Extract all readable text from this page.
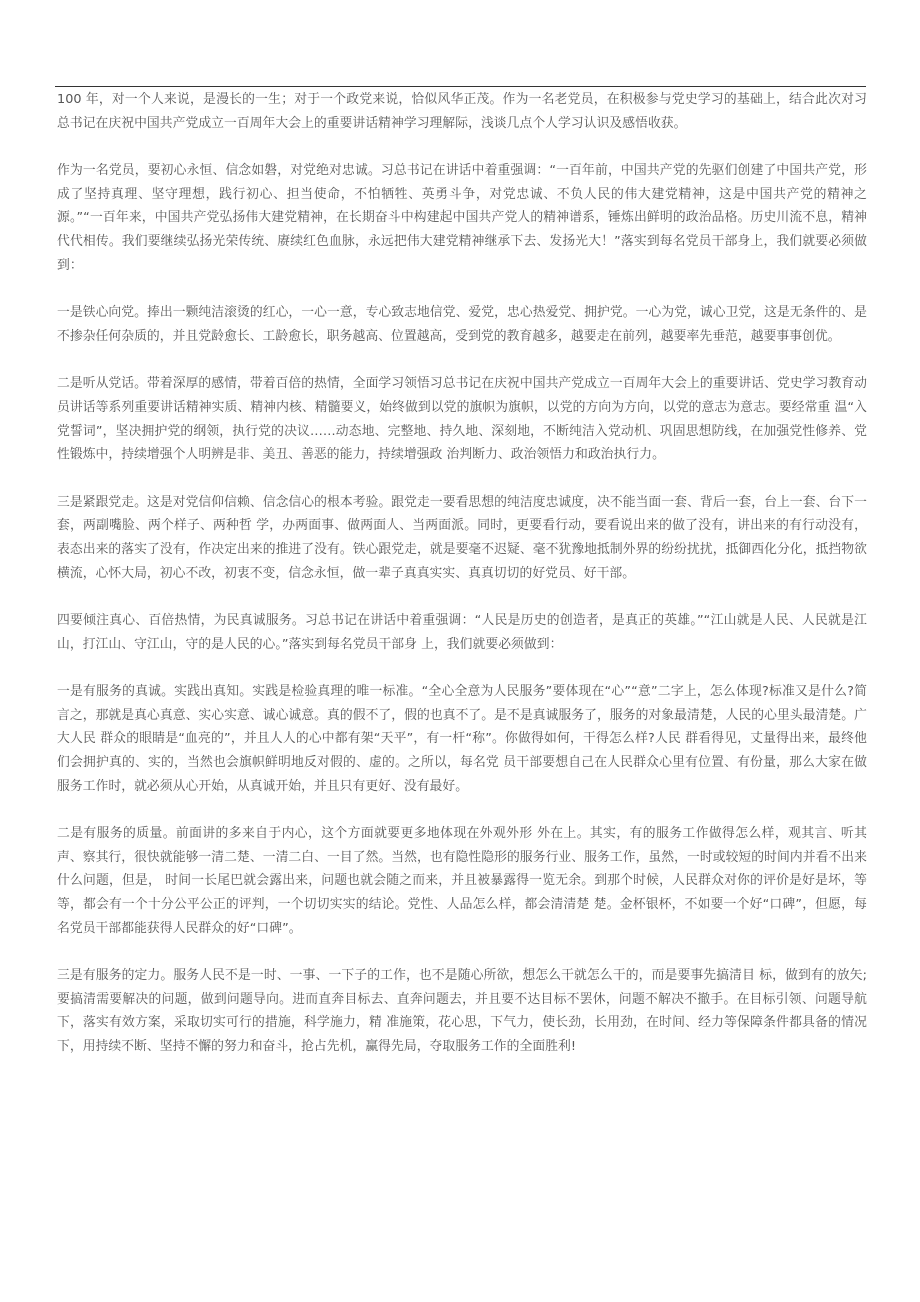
100 年，对一个人来说，是漫长的一生；对于一个政党来说，恰似风华正茂。作为一名老党员，在积极参与党史学习的基础上，结合此次对习总书记在庆祝中国共产党成立一百周年大会上的重要讲话精神学习理解际，浅谈几点个人学习认识及感悟收获。

作为一名党员，要初心永恒、信念如磐，对党绝对忠诚。习总书记在讲话中着重强调：“一百年前，中国共产党的先驱们创建了中国共产党，形成了坚持真理、坚守理想，践行初心、担当使命，不怕牺牲、英勇斗争，对党忠诚、不负人民的伟大建党精神，这是中国共产党的精神之源。”“一百年来，中国共产党弘扬伟大建党精神，在长期奋斗中构建起中国共产党人的精神谱系，锤炼出鲜明的政治品格。历史川流不息，精神代代相传。我们要继续弘扬光荣传统、赓续红色血脉，永远把伟大建党精神继承下去、发扬光大！”落实到每名党员干部身上，我们就要必须做到：

一是铁心向党。捧出一颗纯洁滚烫的红心，一心一意，专心致志地信党、爱党，忠心热爱党、拥护党。一心为党，诚心卫党，这是无条件的、是不掺杂任何杂质的，并且党龄愈长、工龄愈长，职务越高、位置越高，受到党的教育越多，越要走在前列，越要率先垂范，越要事事创优。

二是听从党话。带着深厚的感情，带着百倍的热情，全面学习领悟习总书记在庆祝中国共产党成立一百周年大会上的重要讲话、党史学习教育动员讲话等系列重要讲话精神实质、精神内核、精髓要义，始终做到以党的旗帜为旗帜，以党的方向为方向，以党的意志为意志。要经常重 温“入党誓词”，坚决拥护党的纲领，执行党的决议……动态地、完整地、持久地、深刻地，不断纯洁入党动机、巩固思想防线，在加强党性修养、党性锻炼中，持续增强个人明辨是非、美丑、善恶的能力，持续增强政 治判断力、政治领悟力和政治执行力。

三是紧跟党走。这是对党信仰信赖、信念信心的根本考验。跟党走一要看思想的纯洁度忠诚度，决不能当面一套、背后一套，台上一套、台下一套，两副嘴脸、两个样子、两种哲 学，办两面事、做两面人、当两面派。同时，更要看行动，要看说出来的做了没有，讲出来的有行动没有，表态出来的落实了没有，作决定出来的推进了没有。铁心跟党走，就是要毫不迟疑、毫不犹豫地抵制外界的纷纷扰扰，抵御西化分化，抵挡物欲横流，心怀大局，初心不改，初衷不变，信念永恒，做一辈子真真实实、真真切切的好党员、好干部。

四要倾注真心、百倍热情，为民真诚服务。习总书记在讲话中着重强调：“人民是历史的创造者，是真正的英雄。”“江山就是人民、人民就是江山，打江山、守江山，守的是人民的心。”落实到每名党员干部身 上，我们就要必须做到：

一是有服务的真诚。实践出真知。实践是检验真理的唯一标准。“全心全意为人民服务”要体现在“心”“意”二字上，怎么体现?标准又是什么?简言之，那就是真心真意、实心实意、诚心诚意。真的假不了，假的也真不了。是不是真诚服务了，服务的对象最清楚，人民的心里头最清楚。广大人民 群众的眼睛是“血亮的”，并且人人的心中都有架“天平”，有一杆“称”。你做得如何，干得怎么样?人民 群看得见，丈量得出来，最终他们会拥护真的、实的，当然也会旗帜鲜明地反对假的、虚的。之所以，每名党 员干部要想自己在人民群众心里有位置、有份量，那么大家在做服务工作时，就必须从心开始，从真诚开始，并且只有更好、没有最好。

二是有服务的质量。前面讲的多来自于内心，这个方面就要更多地体现在外观外形 外在上。其实，有的服务工作做得怎么样，观其言、听其声、察其行，很快就能够一清二楚、一清二白、一目了然。当然，也有隐性隐形的服务行业、服务工作，虽然，一时或较短的时间内并看不出来什么问题，但是， 时间一长尾巴就会露出来，问题也就会随之而来，并且被暴露得一览无余。到那个时候，人民群众对你的评价是好是坏，等等，都会有一个十分公平公正的评判，一个切切实实的结论。党性、人品怎么样，都会清清楚 楚。金杯银杯，不如要一个好“口碑”，但愿，每名党员干部都能获得人民群众的好“口碑”。

三是有服务的定力。服务人民不是一时、一事、一下子的工作，也不是随心所欲，想怎么干就怎么干的，而是要事先搞清目 标，做到有的放矢;要搞清需要解决的问题，做到问题导向。进而直奔目标去、直奔问题去，并且要不达目标不罢休，问题不解决不撤手。在目标引领、问题导航下，落实有效方案，采取切实可行的措施，科学施力，精 准施策，花心思，下气力，使长劲，长用劲，在时间、经力等保障条件都具备的情况下，用持续不断、坚持不懈的努力和奋斗，抢占先机，赢得先局，夺取服务工作的全面胜利!
